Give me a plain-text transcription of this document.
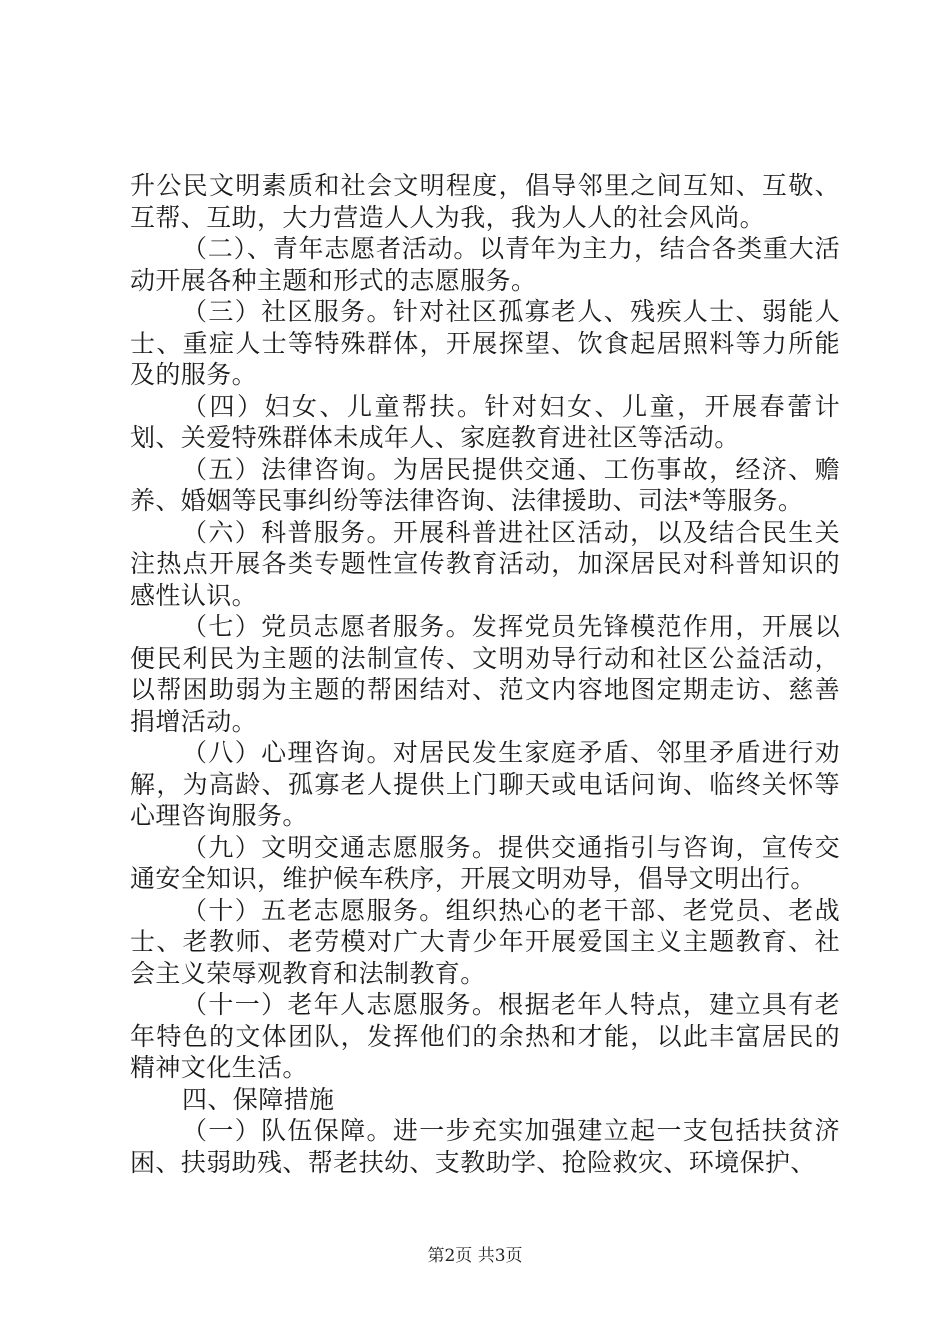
升公民文明素质和社会文明程度，倡导邻里之间互知、互敬、互帮、互助，大力营造人人为我，我为人人的社会风尚。

（二）、青年志愿者活动。以青年为主力，结合各类重大活动开展各种主题和形式的志愿服务。

（三）社区服务。针对社区孤寡老人、残疾人士、弱能人士、重症人士等特殊群体，开展探望、饮食起居照料等力所能及的服务。

（四）妇女、儿童帮扶。针对妇女、儿童，开展春蕾计划、关爱特殊群体未成年人、家庭教育进社区等活动。

（五）法律咨询。为居民提供交通、工伤事故，经济、赡养、婚姻等民事纠纷等法律咨询、法律援助、司法*等服务。

（六）科普服务。开展科普进社区活动，以及结合民生关注热点开展各类专题性宣传教育活动，加深居民对科普知识的感性认识。

（七）党员志愿者服务。发挥党员先锋模范作用，开展以便民利民为主题的法制宣传、文明劝导行动和社区公益活动，以帮困助弱为主题的帮困结对、范文内容地图定期走访、慈善捐增活动。

（八）心理咨询。对居民发生家庭矛盾、邻里矛盾进行劝解，为高龄、孤寡老人提供上门聊天或电话问询、临终关怀等心理咨询服务。

（九）文明交通志愿服务。提供交通指引与咨询，宣传交通安全知识，维护候车秩序，开展文明劝导，倡导文明出行。

（十）五老志愿服务。组织热心的老干部、老党员、老战士、老教师、老劳模对广大青少年开展爱国主义主题教育、社会主义荣辱观教育和法制教育。

（十一）老年人志愿服务。根据老年人特点，建立具有老年特色的文体团队，发挥他们的余热和才能，以此丰富居民的精神文化生活。

四、保障措施

（一）队伍保障。进一步充实加强建立起一支包括扶贫济困、扶弱助残、帮老扶幼、支教助学、抢险救灾、环境保护、

第2页 共3页
